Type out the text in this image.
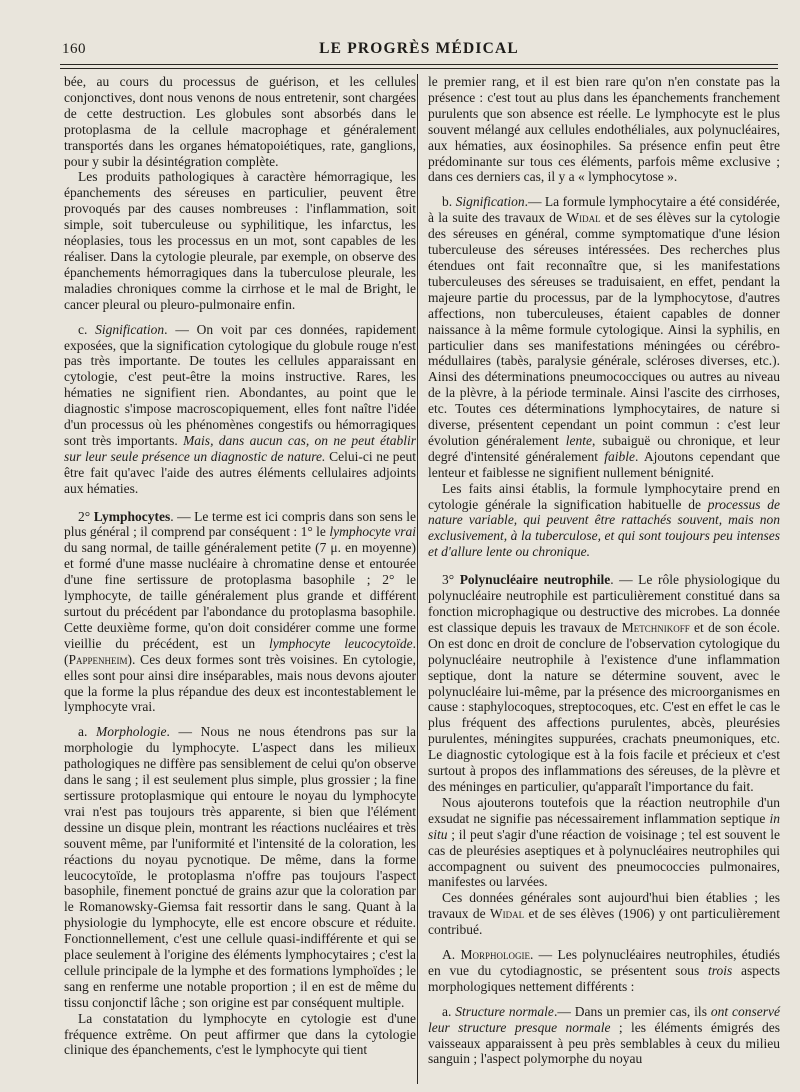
160	LE PROGRÈS MÉDICAL

bée, au cours du processus de guérison, et les cellules conjonctives, dont nous venons de nous entretenir, sont chargées de cette destruction. Les globules sont absorbés dans le protoplasma de la cellule macrophage et généralement transportés dans les organes hématopoiétiques, rate, ganglions, pour y subir la désintégration complète.

Les produits pathologiques à caractère hémorragique, les épanchements des séreuses en particulier, peuvent être provoqués par des causes nombreuses : l'inflammation, soit simple, soit tuberculeuse ou syphilitique, les infarctus, les néoplasies, tous les processus en un mot, sont capables de les réaliser. Dans la cytologie pleurale, par exemple, on observe des épanchements hémorragiques dans la tuberculose pleurale, les maladies chroniques comme la cirrhose et le mal de Bright, le cancer pleural ou pleuro-pulmonaire enfin.

c. Signification. — On voit par ces données, rapidement exposées, que la signification cytologique du globule rouge n'est pas très importante. De toutes les cellules apparaissant en cytologie, c'est peut-être la moins instructive. Rares, les hématies ne signifient rien. Abondantes, au point que le diagnostic s'impose macroscopiquement, elles font naître l'idée d'un processus où les phénomènes congestifs ou hémorragiques sont très importants. Mais, dans aucun cas, on ne peut établir sur leur seule présence un diagnostic de nature. Celui-ci ne peut être fait qu'avec l'aide des autres éléments cellulaires adjoints aux hématies.

2° Lymphocytes. — Le terme est ici compris dans son sens le plus général ; il comprend par conséquent : 1° le lymphocyte vrai du sang normal, de taille généralement petite (7 μ. en moyenne) et formé d'une masse nucléaire à chromatine dense et entourée d'une fine sertissure de protoplasma basophile ; 2° le lymphocyte, de taille généralement plus grande et différent surtout du précédent par l'abondance du protoplasma basophile. Cette deuxième forme, qu'on doit considérer comme une forme vieillie du précédent, est un lymphocyte leucocytoïde. (Pappenheim). Ces deux formes sont très voisines. En cytologie, elles sont pour ainsi dire inséparables, mais nous devons ajouter que la forme la plus répandue des deux est incontestablement le lymphocyte vrai.

a. Morphologie. — Nous ne nous étendrons pas sur la morphologie du lymphocyte. L'aspect dans les milieux pathologiques ne diffère pas sensiblement de celui qu'on observe dans le sang ; il est seulement plus simple, plus grossier ; la fine sertissure protoplasmique qui entoure le noyau du lymphocyte vrai n'est pas toujours très apparente, si bien que l'élément dessine un disque plein, montrant les réactions nucléaires et très souvent même, par l'uniformité et l'intensité de la coloration, les réactions du noyau pycnotique. De même, dans la forme leucocytoïde, le protoplasma n'offre pas toujours l'aspect basophile, finement ponctué de grains azur que la coloration par le Romanowsky-Giemsa fait ressortir dans le sang. Quant à la physiologie du lymphocyte, elle est encore obscure et réduite. Fonctionnellement, c'est une cellule quasi-indifférente et qui se place seulement à l'origine des éléments lymphocytaires ; c'est la cellule principale de la lymphe et des formations lymphoïdes ; le sang en renferme une notable proportion ; il en est de même du tissu conjonctif lâche ; son origine est par conséquent multiple.

La constatation du lymphocyte en cytologie est d'une fréquence extrême. On peut affirmer que dans la cytologie clinique des épanchements, c'est le lymphocyte qui tient

le premier rang, et il est bien rare qu'on n'en constate pas la présence : c'est tout au plus dans les épanchements franchement purulents que son absence est réelle. Le lymphocyte est le plus souvent mélangé aux cellules endothéliales, aux polynucléaires, aux hématies, aux éosinophiles. Sa présence enfin peut être prédominante sur tous ces éléments, parfois même exclusive ; dans ces derniers cas, il y a « lymphocytose ».

b. Signification.— La formule lymphocytaire a été considérée, à la suite des travaux de Widal et de ses élèves sur la cytologie des séreuses en général, comme symptomatique d'une lésion tuberculeuse des séreuses intéressées. Des recherches plus étendues ont fait reconnaître que, si les manifestations tuberculeuses des séreuses se traduisaient, en effet, pendant la majeure partie du processus, par de la lymphocytose, d'autres affections, non tuberculeuses, étaient capables de donner naissance à la même formule cytologique. Ainsi la syphilis, en particulier dans ses manifestations méningées ou cérébro-médullaires (tabès, paralysie générale, scléroses diverses, etc.). Ainsi des déterminations pneumococciques ou autres au niveau de la plèvre, à la période terminale. Ainsi l'ascite des cirrhoses, etc. Toutes ces déterminations lymphocytaires, de nature si diverse, présentent cependant un point commun : c'est leur évolution généralement lente, subaiguë ou chronique, et leur degré d'intensité généralement faible. Ajoutons cependant que lenteur et faiblesse ne signifient nullement bénignité.

Les faits ainsi établis, la formule lymphocytaire prend en cytologie générale la signification habituelle de processus de nature variable, qui peuvent être rattachés souvent, mais non exclusivement, à la tuberculose, et qui sont toujours peu intenses et d'allure lente ou chronique.

3° Polynucléaire neutrophile. — Le rôle physiologique du polynucléaire neutrophile est particulièrement constitué dans sa fonction microphagique ou destructive des microbes. La donnée est classique depuis les travaux de Metchnikoff et de son école. On est donc en droit de conclure de l'observation cytologique du polynucléaire neutrophile à l'existence d'une inflammation septique, dont la nature se détermine souvent, avec le polynucléaire lui-même, par la présence des microorganismes en cause : staphylocoques, streptocoques, etc. C'est en effet le cas le plus fréquent des affections purulentes, abcès, pleurésies purulentes, méningites suppurées, crachats pneumoniques, etc. Le diagnostic cytologique est à la fois facile et précieux et c'est surtout à propos des inflammations des séreuses, de la plèvre et des méninges en particulier, qu'apparaît l'importance du fait.

Nous ajouterons toutefois que la réaction neutrophile d'un exsudat ne signifie pas nécessairement inflammation septique in situ ; il peut s'agir d'une réaction de voisinage ; tel est souvent le cas de pleurésies aseptiques et à polynucléaires neutrophiles qui accompagnent ou suivent des pneumococcies pulmonaires, manifestes ou larvées.

Ces données générales sont aujourd'hui bien établies ; les travaux de Widal et de ses élèves (1906) y ont particulièrement contribué.

A. Morphologie. — Les polynucléaires neutrophiles, étudiés en vue du cytodiagnostic, se présentent sous trois aspects morphologiques nettement différents :

a. Structure normale.— Dans un premier cas, ils ont conservé leur structure presque normale ; les éléments émigrés des vaisseaux apparaissent à peu près semblables à ceux du milieu sanguin ; l'aspect polymorphe du noyau
